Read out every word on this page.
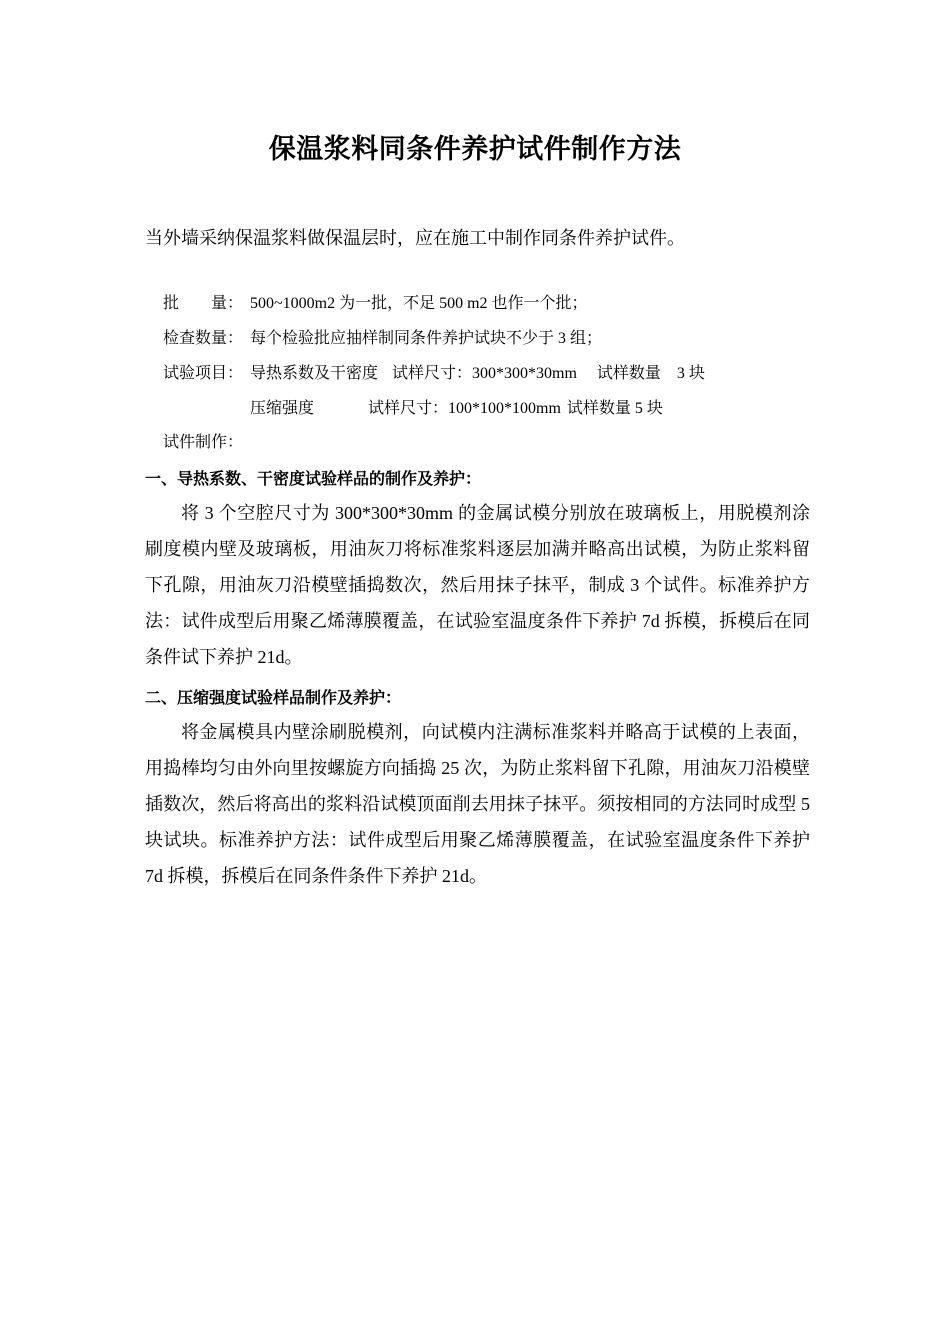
保温浆料同条件养护试件制作方法
当外墙采纳保温浆料做保温层时，应在施工中制作同条件养护试件。
批　　量： 500~1000m2 为一批，不足 500 m2 也作一个批；
检查数量： 每个检验批应抽样制同条件养护试块不少于 3 组；
试验项目： 导热系数及干密度 试样尺寸：300*300*30mm 试样数量　3 块
压缩强度	试样尺寸：100*100*100mm 试样数量 5 块
试件制作：
一、导热系数、干密度试验样品的制作及养护：
将 3 个空腔尺寸为 300*300*30mm 的金属试模分别放在玻璃板上，用脱模剂涂刷度模内壁及玻璃板，用油灰刀将标准浆料逐层加满并略高出试模，为防止浆料留下孔隙，用油灰刀沿模壁插捣数次，然后用抹子抹平，制成 3 个试件。标准养护方法：试件成型后用聚乙烯薄膜覆盖，在试验室温度条件下养护 7d 拆模，拆模后在同条件试下养护 21d。
二、压缩强度试验样品制作及养护：
将金属模具内壁涂刷脱模剂，向试模内注满标准浆料并略高于试模的上表面，用捣棒均匀由外向里按螺旋方向插捣 25 次，为防止浆料留下孔隙，用油灰刀沿模壁插数次，然后将高出的浆料沿试模顶面削去用抹子抹平。须按相同的方法同时成型 5 块试块。标准养护方法：试件成型后用聚乙烯薄膜覆盖，在试验室温度条件下养护 7d 拆模，拆模后在同条件条件下养护 21d。
